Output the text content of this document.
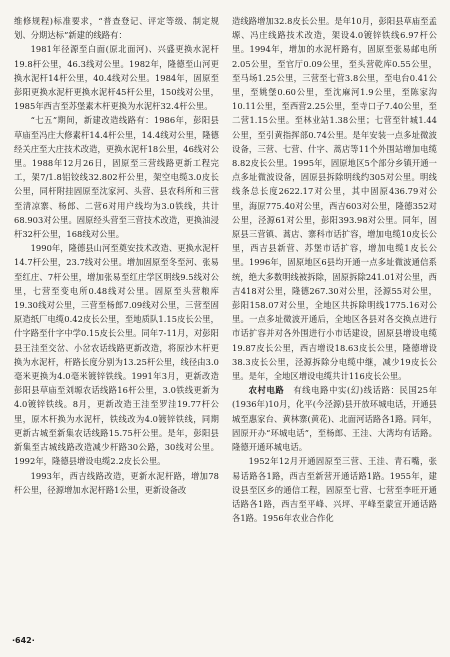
维修规程)标准要求，“普查登记、评定等级、制定规划、分期达标”新建的线路有：

1981年径源至白面(原北面河)、兴盛更换水泥杆19.8杆公里，46.3线对公里。1982年，隆德至山河更换水泥杆14杆公里，40.4线对公里。1984年，固原至彭阳更换水泥杆更换水泥杆45杆公里，150线对公里，1985年西吉至苏堡素木杆更换为水泥杆32.4杆公里。

“七五”期间，新建改造线路有：1986年，彭阳县草庙至冯庄大修素杆14.4杆公里，14.4线对公里，隆德经关庄至大庄技术改造，更换水泥杆18公里，46线对公里。1988年12月26日，固原至三营线路更新工程完工，架7/1.8铝铰线32.802杆公里，架空电缆3.0皮长公里，同杆附挂固原至沈家河、头营、县农科所和三营至清凉寨、杨郎、二营6对用户线均为3.0铁线，共计68.903对公里。固原经头营至三营技术改造，更换油浸杆32杆公里，168线对公里。

1990年，隆德县山河至奠安技术改造、更换水泥杆14.7杆公里，23.7线对公里。增加固原至冬至河、张易至红庄、7杆公里，增加张易至红庄学区明线9.5线对公里，七营至变电所0.48线对公里。固原至头营粮库19.30线对公里，三营至杨郎7.09线对公里，三营至固原造纸厂电缆0.42皮长公里，至地质队1.15皮长公里，什字路至什字中学0.15皮长公里。同年7-11月，对彭阳县王洼至交岔、小岔农话线路更新改造，将原沙木杆更换为水泥杆，杆路长度分别为13.25杆公里，线径由3.0毫米更换为4.0毫米镀锌铁线。1991年3月，更新改造彭阳县草庙至刘塬农话线路16杆公里，3.0铁线更新为4.0镀锌铁线。8月，更新改造王洼至罗洼19.77杆公里，原木杆换为水泥杆，铁线改为4.0镀锌铁线，同期更新古城至新集农话线路15.75杆公里。是年，彭阳县新集至古城线路改造减少杆路30公路，30线对公里。1992年，隆德县增设电缆2.2皮长公里。

1993年，西吉线路改造，更新水泥杆路，增加78杆公里，径源增加水泥杆路1公里，更新设备改

造线路增加32.8皮长公里。是年10月，彭阳县草庙至孟塬、冯庄线路技术改造，架设4.0镀锌铁线6.97杆公里。1994年，增加的水泥杆路有，固原至张易邮电所2.05公里，至官厅0.09公里，至头营乾库0.55公里，至马场1.25公里，三营至七营3.8公里，至电台0.41公里，至姚堡0.60公里，至沈麻河1.9公里，至陈家沟10.11公里，至西营2.25公里，至寺口子7.40公里，至二营1.15公里。至林业站1.38公里；七营至针城1.44公里，至引黄指挥部0.74公里。是年安装一点多址微波设备，三营、七营、什字、蒿店等11个外围站增加电缆8.82皮长公里。1995年，固原地区5个部分乡镇开通一点多址微波设备，固原县拆除明线约305对公里。明线线条总长度2622.17对公里，其中固原436.79对公里，海原775.40对公里，西吉603对公里，隆德352对公里，泾源61对公里，彭阳393.98对公里。同年，固原县三营镇、蒿店、寨科市话扩容，增加电缆10皮长公里，西吉县新营、苏堡市话扩容，增加电缆1皮长公里。1996年，固原地区6县均开通一点多址微波通信系统，绝大多数明线被拆除，固原拆除241.01对公里，西吉418对公里，隆德267.30对公里，泾源55对公里，彭阳158.07对公里，全地区共拆除明线1775.16对公里。一点多址微波开通后，全地区各县对各交换点进行市话扩容并对各外围进行小市话建设，固原县增设电缆19.87皮长公里，西吉增设18.63皮长公里，隆德增设38.3皮长公里，泾源拆除分电缆中继，减少19皮长公里。是年，全地区增设电缆共计116皮长公里。

农村电路　 有线电路中实(幻)线话路：民国25年(1936年)10月，化平(今泾源)县开放环城电话，开通县城至惠家台、黄林寨(黄花)、北面河话路各1路。同年，固原开办“环城电话”，至杨郎、王洼、大湾均有话路。隆德开通环城电话。

1952年12月开通固原至三营、王洼、青石嘴，张易话路各1路，西吉至新营开通话路1路。1955年，建设县至区乡的通信工程，固原至七营、七营至李旺开通话路各1路，西吉至平峰、兴坪、平峰至蒙宣开通话路各1路。1956年农业合作化

·642·
